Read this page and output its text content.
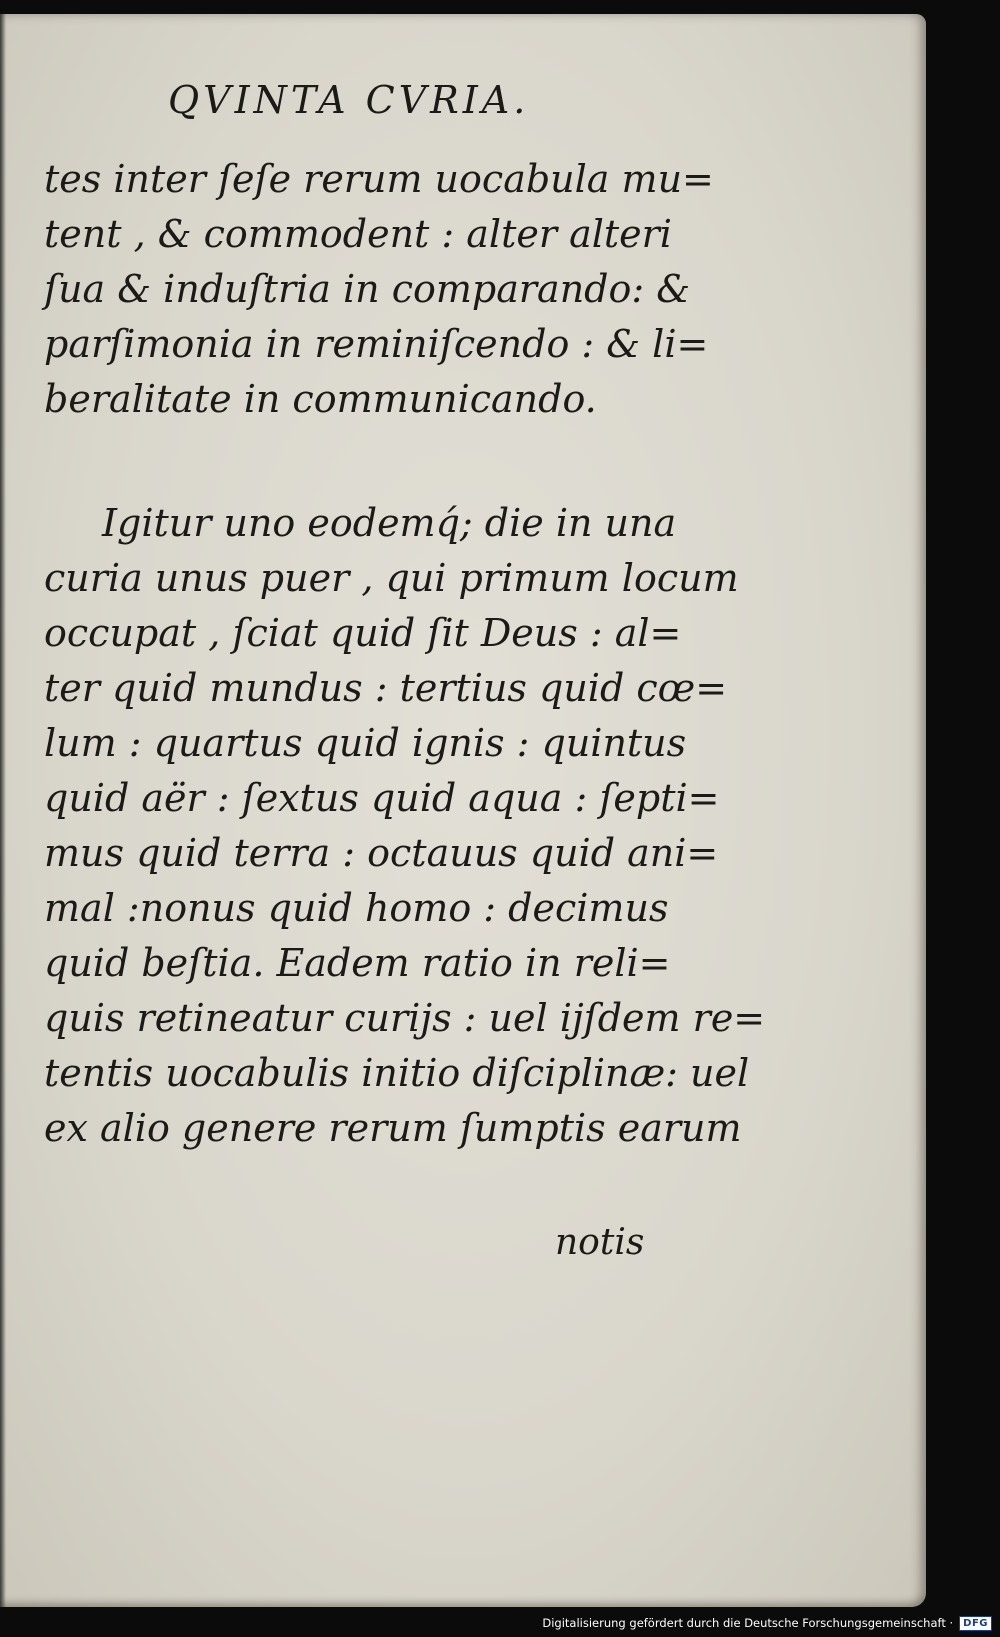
QVINTA CVRIA.
tes inter ſeſe rerum uocabula mu=
tent , & commodent : alter alteri
ſua & induſtria in comparando: &
parſimonia in reminiſcendo : & li=
beralitate in communicando.
Igitur uno eodemq́; die in una
curia unus puer , qui primum locum
occupat , ſciat quid ſit Deus : al=
ter quid mundus : tertius quid cœ=
lum : quartus quid ignis : quintus
quid aër : ſextus quid aqua : ſepti=
mus quid terra : octauus quid ani=
mal :nonus quid homo : decimus
quid beſtia. Eadem ratio in reli=
quis retineatur curijs : uel ijſdem re=
tentis uocabulis initio diſciplinæ: uel
ex alio genere rerum ſumptis earum
notis
Digitalisierung gefördert durch die Deutsche Forschungsgemeinschaft ·	DFG
